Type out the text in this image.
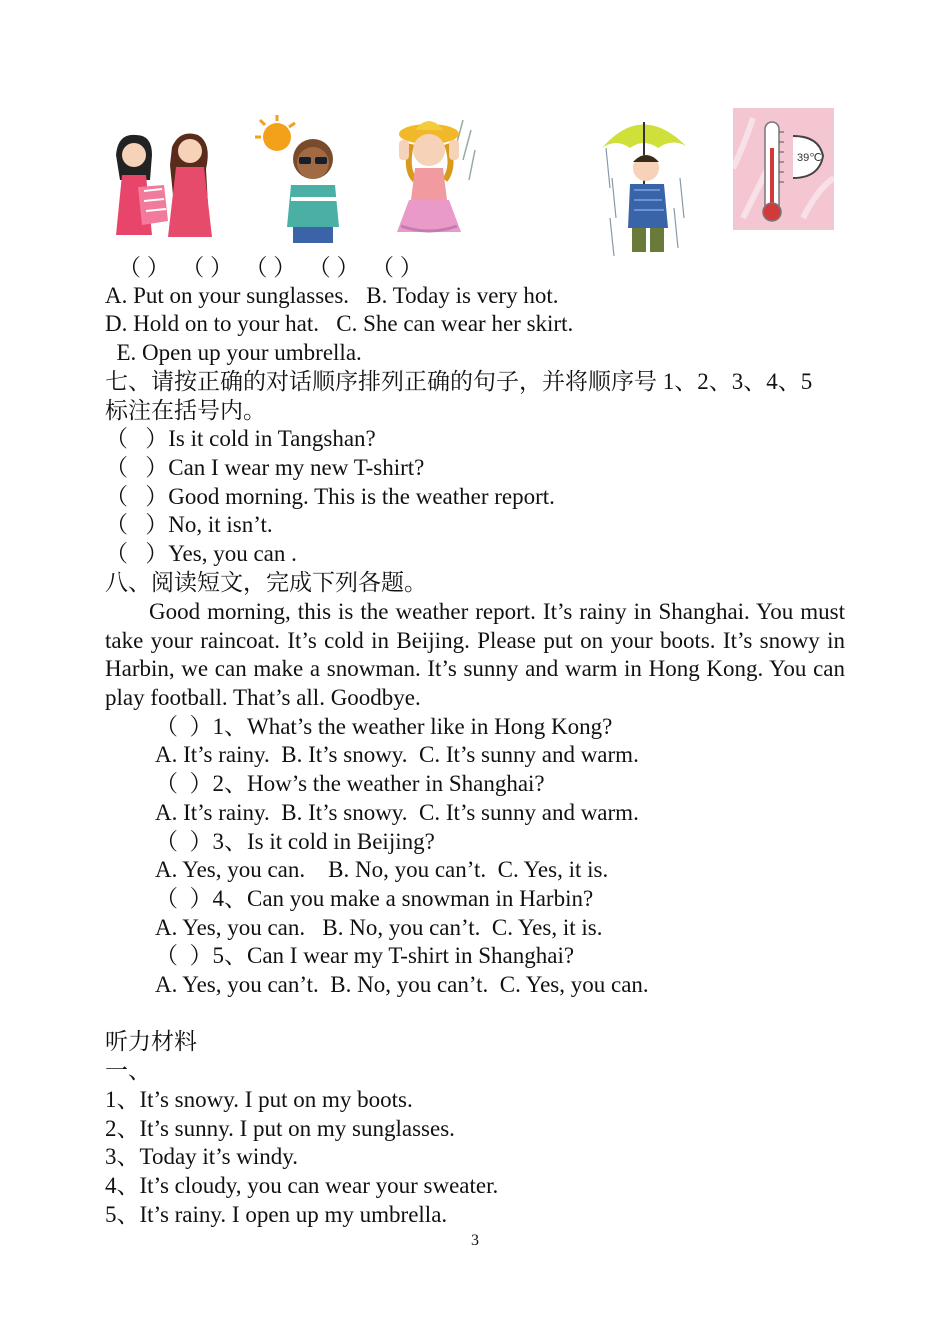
39℃
（ ）  （ ）  （ ）  （ ）  （ ）
A. Put on your sunglasses.   B. Today is very hot.
D. Hold on to your hat.   C. She can wear her skirt.
E. Open up your umbrella.
七、请按正确的对话顺序排列正确的句子，并将顺序号 1、2、3、4、5
标注在括号内。
（   ）Is it cold in Tangshan?
（   ）Can I wear my new T-shirt?
（   ）Good morning. This is the weather report.
（   ）No, it isn’t.
（   ）Yes, you can .
八、阅读短文，完成下列各题。
Good morning, this is the weather report. It’s rainy in Shanghai. You must take your raincoat. It’s cold in Beijing. Please put on your boots. It’s snowy in Harbin, we can make a snowman. It’s sunny and warm in Hong Kong. You can play football. That’s all. Goodbye.
（  ）1、What’s the weather like in Hong Kong?
A. It’s rainy.  B. It’s snowy.  C. It’s sunny and warm.
（  ）2、How’s the weather in Shanghai?
A. It’s rainy.  B. It’s snowy.  C. It’s sunny and warm.
（  ）3、Is it cold in Beijing?
A. Yes, you can.    B. No, you can’t.  C. Yes, it is.
（  ）4、Can you make a snowman in Harbin?
A. Yes, you can.   B. No, you can’t.  C. Yes, it is.
（  ）5、Can I wear my T-shirt in Shanghai?
A. Yes, you can’t.  B. No, you can’t.  C. Yes, you can.
听力材料
一、
1、It’s snowy. I put on my boots.
2、It’s sunny. I put on my sunglasses.
3、Today it’s windy.
4、It’s cloudy, you can wear your sweater.
5、It’s rainy. I open up my umbrella.
3
